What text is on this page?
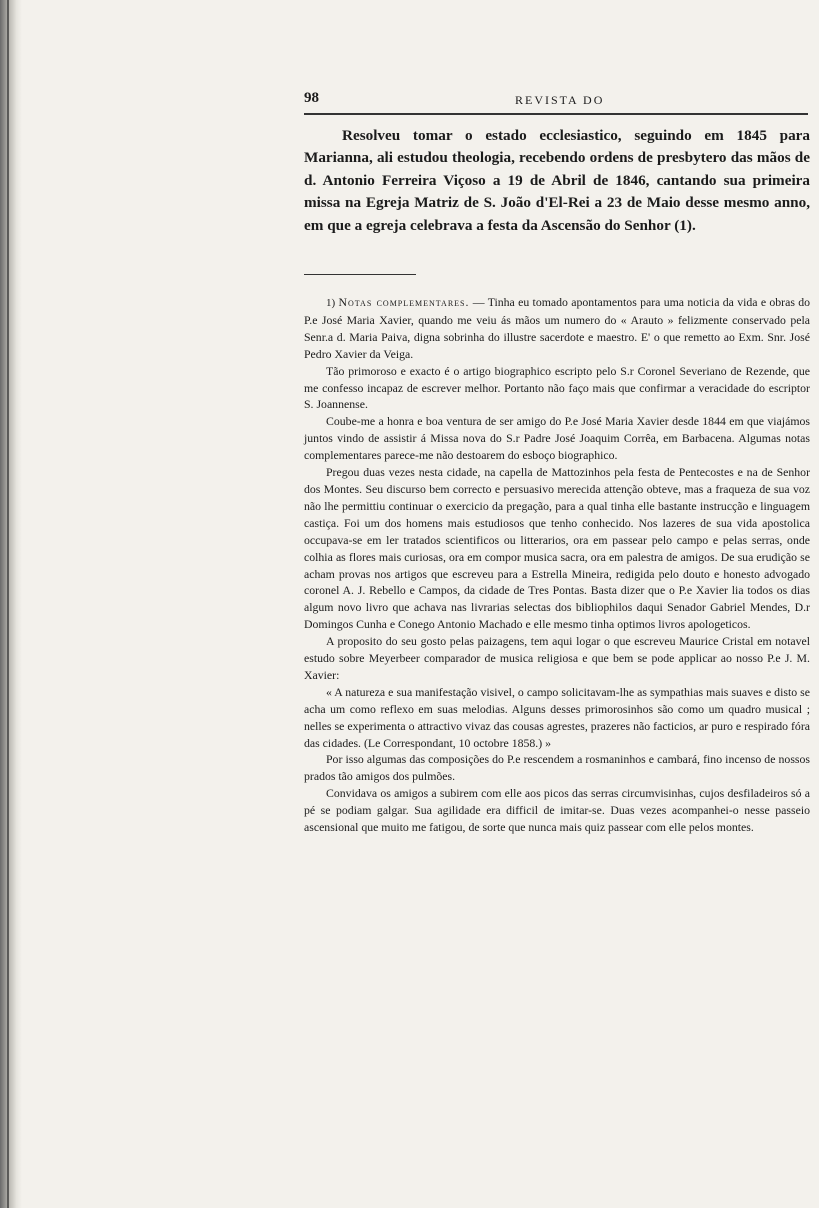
98	REVISTA DO

Resolveu tomar o estado ecclesiastico, seguindo em 1845 para Marianna, ali estudou theologia, recebendo ordens de presbytero das mãos de d. Antonio Ferreira Viçoso a 19 de Abril de 1846, cantando sua primeira missa na Egreja Matriz de S. João d'El-Rei a 23 de Maio desse mesmo anno, em que a egreja celebrava a festa da Ascensão do Senhor (1).

1) Notas complementares. — Tinha eu tomado apontamentos para uma noticia da vida e obras do P.e José Maria Xavier, quando me veiu ás mãos um numero do « Arauto » felizmente conservado pela Senr.a d. Maria Paiva, digna sobrinha do illustre sacerdote e maestro. E' o que remetto ao Exm. Snr. José Pedro Xavier da Veiga.

Tão primoroso e exacto é o artigo biographico escripto pelo S.r Coronel Severiano de Rezende, que me confesso incapaz de escrever melhor. Portanto não faço mais que confirmar a veracidade do escriptor S. Joannense.

Coube-me a honra e boa ventura de ser amigo do P.e José Maria Xavier desde 1844 em que viajámos juntos vindo de assistir á Missa nova do S.r Padre José Joaquim Corrêa, em Barbacena. Algumas notas complementares parece-me não destoarem do esboço biographico.

Pregou duas vezes nesta cidade, na capella de Mattozinhos pela festa de Pentecostes e na de Senhor dos Montes. Seu discurso bem correcto e persuasivo merecida attenção obteve, mas a fraqueza de sua voz não lhe permittiu continuar o exercicio da pregação, para a qual tinha elle bastante instrucção e linguagem castiça. Foi um dos homens mais estudiosos que tenho conhecido. Nos lazeres de sua vida apostolica occupava-se em ler tratados scientificos ou litterarios, ora em passear pelo campo e pelas serras, onde colhia as flores mais curiosas, ora em compor musica sacra, ora em palestra de amigos. De sua erudição se acham provas nos artigos que escreveu para a Estrella Mineira, redigida pelo douto e honesto advogado coronel A. J. Rebello e Campos, da cidade de Tres Pontas. Basta dizer que o P.e Xavier lia todos os dias algum novo livro que achava nas livrarias selectas dos bibliophilos daqui Senador Gabriel Mendes, D.r Domingos Cunha e Conego Antonio Machado e elle mesmo tinha optimos livros apologeticos.

A proposito do seu gosto pelas paizagens, tem aqui logar o que escreveu Maurice Cristal em notavel estudo sobre Meyerbeer comparador de musica religiosa e que bem se pode applicar ao nosso P.e J. M. Xavier:

« A natureza e sua manifestação visivel, o campo solicitavam-lhe as sympathias mais suaves e disto se acha um como reflexo em suas melodias. Alguns desses primorosinhos são como um quadro musical ; nelles se experimenta o attractivo vivaz das cousas agrestes, prazeres não facticios, ar puro e respirado fóra das cidades. (Le Correspondant, 10 octobre 1858.) »

Por isso algumas das composições do P.e rescendem a rosmaninhos e cambará, fino incenso de nossos prados tão amigos dos pulmões.

Convidava os amigos a subirem com elle aos picos das serras circumvisinhas, cujos desfiladeiros só a pé se podiam galgar. Sua agilidade era difficil de imitar-se. Duas vezes acompanhei-o nesse passeio ascensional que muito me fatigou, de sorte que nunca mais quiz passear com elle pelos montes.
